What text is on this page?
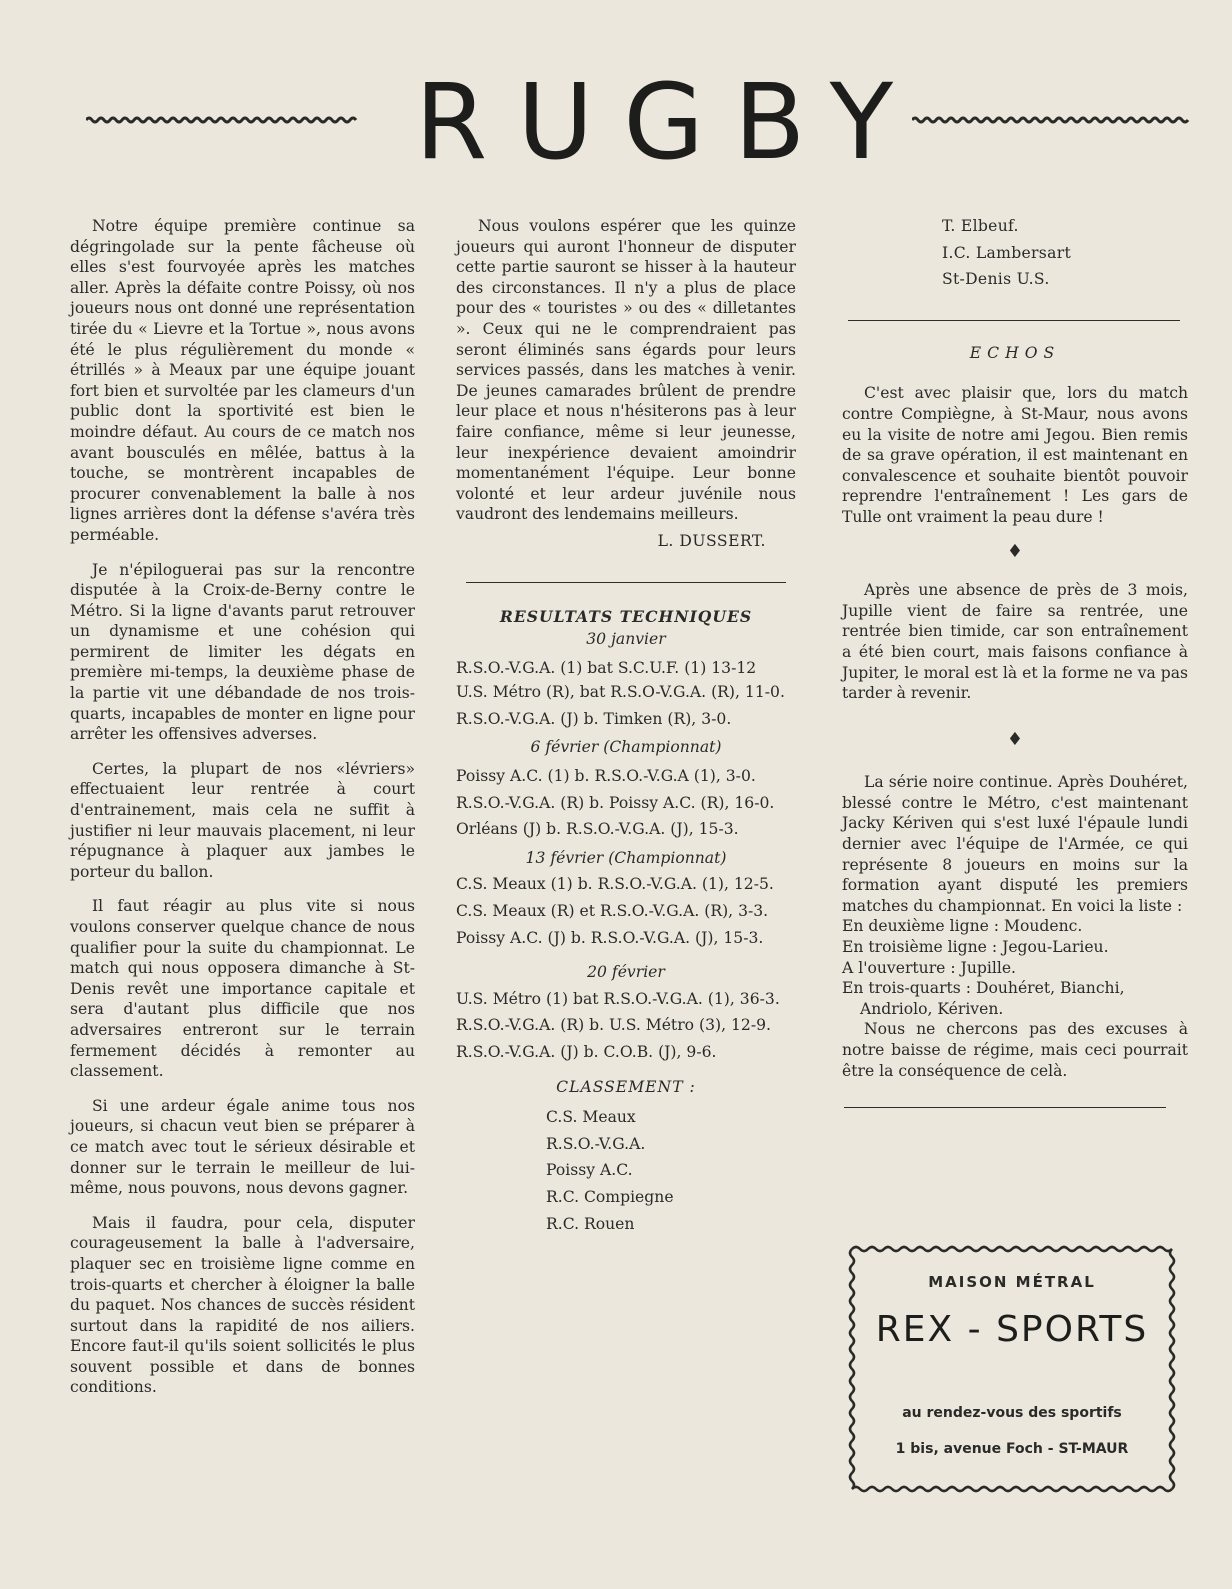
RUGBY

Notre équipe première continue sa dégringolade sur la pente fâcheuse où elles s'est fourvoyée après les matches aller. Après la défaite contre Poissy, où nos joueurs nous ont donné une représentation tirée du « Lievre et la Tortue », nous avons été le plus régulièrement du monde « étrillés » à Meaux par une équipe jouant fort bien et survoltée par les clameurs d'un public dont la sportivité est bien le moindre défaut. Au cours de ce match nos avant bousculés en mêlée, battus à la touche, se montrèrent incapables de procurer convenablement la balle à nos lignes arrières dont la défense s'avéra très perméable.

Je n'épiloguerai pas sur la rencontre disputée à la Croix-de-Berny contre le Métro. Si la ligne d'avants parut retrouver un dynamisme et une cohésion qui permirent de limiter les dégats en première mi-temps, la deuxième phase de la partie vit une débandade de nos trois-quarts, incapables de monter en ligne pour arrêter les offensives adverses.

Certes, la plupart de nos «lévriers» effectuaient leur rentrée à court d'entrainement, mais cela ne suffit à justifier ni leur mauvais placement, ni leur répugnance à plaquer aux jambes le porteur du ballon.

Il faut réagir au plus vite si nous voulons conserver quelque chance de nous qualifier pour la suite du championnat. Le match qui nous opposera dimanche à St-Denis revêt une importance capitale et sera d'autant plus difficile que nos adversaires entreront sur le terrain fermement décidés à remonter au classement.

Si une ardeur égale anime tous nos joueurs, si chacun veut bien se préparer à ce match avec tout le sérieux désirable et donner sur le terrain le meilleur de lui-même, nous pouvons, nous devons gagner.

Mais il faudra, pour cela, disputer courageusement la balle à l'adversaire, plaquer sec en troisième ligne comme en trois-quarts et chercher à éloigner la balle du paquet. Nos chances de succès résident surtout dans la rapidité de nos ailiers. Encore faut-il qu'ils soient sollicités le plus souvent possible et dans de bonnes conditions.

Nous voulons espérer que les quinze joueurs qui auront l'honneur de disputer cette partie sauront se hisser à la hauteur des circonstances. Il n'y a plus de place pour des « touristes » ou des « dilletantes ». Ceux qui ne le comprendraient pas seront éliminés sans égards pour leurs services passés, dans les matches à venir. De jeunes camarades brûlent de prendre leur place et nous n'hésiterons pas à leur faire confiance, même si leur jeunesse, leur inexpérience devaient amoindrir momentanément l'équipe. Leur bonne volonté et leur ardeur juvénile nous vaudront des lendemains meilleurs.

L. DUSSERT.
RESULTATS TECHNIQUES
30 janvier
R.S.O.-V.G.A. (1) bat S.C.U.F. (1) 13-12
U.S. Métro (R), bat R.S.O-V.G.A. (R), 11-0.
R.S.O.-V.G.A. (J) b. Timken (R), 3-0.
6 février (Championnat)
Poissy A.C. (1) b. R.S.O.-V.G.A (1), 3-0.
R.S.O.-V.G.A. (R) b. Poissy A.C. (R), 16-0.
Orléans (J) b. R.S.O.-V.G.A. (J), 15-3.
13 février (Championnat)
C.S. Meaux (1) b. R.S.O.-V.G.A. (1), 12-5.
C.S. Meaux (R) et R.S.O.-V.G.A. (R), 3-3.
Poissy A.C. (J) b. R.S.O.-V.G.A. (J), 15-3.
20 février
U.S. Métro (1) bat R.S.O.-V.G.A. (1), 36-3.
R.S.O.-V.G.A. (R) b. U.S. Métro (3), 12-9.
R.S.O.-V.G.A. (J) b. C.O.B. (J), 9-6.
CLASSEMENT :
C.S. Meaux
R.S.O.-V.G.A.
Poissy A.C.
R.C. Compiegne
R.C. Rouen
T. Elbeuf.
I.C. Lambersart
St-Denis U.S.
ECHOS

C'est avec plaisir que, lors du match contre Compiègne, à St-Maur, nous avons eu la visite de notre ami Jegou. Bien remis de sa grave opération, il est maintenant en convalescence et souhaite bientôt pouvoir reprendre l'entraînement ! Les gars de Tulle ont vraiment la peau dure !

♦

Après une absence de près de 3 mois, Jupille vient de faire sa rentrée, une rentrée bien timide, car son entraînement a été bien court, mais faisons confiance à Jupiter, le moral est là et la forme ne va pas tarder à revenir.

♦

La série noire continue. Après Douhéret, blessé contre le Métro, c'est maintenant Jacky Kériven qui s'est luxé l'épaule lundi dernier avec l'équipe de l'Armée, ce qui représente 8 joueurs en moins sur la formation ayant disputé les premiers matches du championnat. En voici la liste :

En deuxième ligne : Moudenc.
En troisième ligne : Jegou-Larieu.
A l'ouverture : Jupille.
En trois-quarts : Douhéret, Bianchi, Andriolo, Kériven.

Nous ne chercons pas des excuses à notre baisse de régime, mais ceci pourrait être la conséquence de celà.

MAISON MÉTRAL
REX - SPORTS
au rendez-vous des sportifs
1 bis, avenue Foch - ST-MAUR
